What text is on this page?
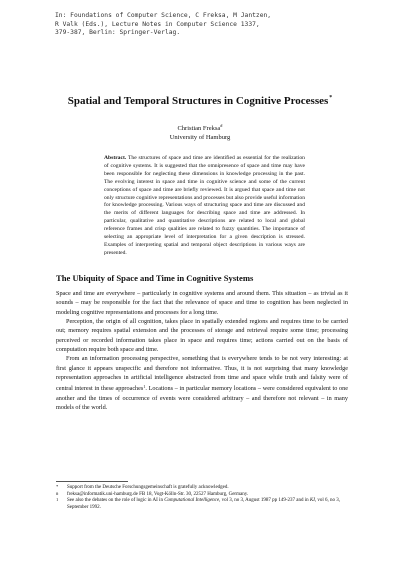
In: Foundations of Computer Science, C Freksa, M Jantzen,
R Valk (Eds.), Lecture Notes in Computer Science 1337,
379-387, Berlin: Springer-Verlag.
Spatial and Temporal Structures in Cognitive Processes*
Christian Freksa#
University of Hamburg
Abstract. The structures of space and time are identified as essential for the realization of cognitive systems. It is suggested that the omnipresence of space and time may have been responsible for neglecting these dimensions in knowledge processing in the past. The evolving interest in space and time in cognitive science and some of the current conceptions of space and time are briefly reviewed. It is argued that space and time not only structure cognitive representations and processes but also provide useful information for knowledge processing. Various ways of structuring space and time are discussed and the merits of different languages for describing space and time are addressed. In particular, qualitative and quantitative descriptions are related to local and global reference frames and crisp qualities are related to fuzzy quantities. The importance of selecting an appropriate level of interpretation for a given description is stressed. Examples of interpreting spatial and temporal object descriptions in various ways are presented.
The Ubiquity of Space and Time in Cognitive Systems

Space and time are everywhere – particularly in cognitive systems and around them. This situation – as trivial as it sounds – may be responsible for the fact that the relevance of space and time to cognition has been neglected in modeling cognitive representations and processes for a long time.

Perception, the origin of all cognition, takes place in spatially extended regions and requires time to be carried out; memory requires spatial extension and the processes of storage and retrieval require some time; processing perceived or recorded information takes place in space and requires time; actions carried out on the basis of computation require both space and time.

From an information processing perspective, something that is everywhere tends to be not very interesting: at first glance it appears unspecific and therefore not informative. Thus, it is not surprising that many knowledge representation approaches in artificial intelligence abstracted from time and space while truth and falsity were of central interest in these approaches$^1$. Locations – in particular memory locations – were considered equivalent to one another and the times of occurrence of events were considered arbitrary – and therefore not relevant – in many models of the world.

* Support from the Deutsche Forschungsgemeinschaft is gratefully acknowledged.
# freksa@informatik.uni-hamburg.de FB 18, Vogt-Kölln-Str. 30, 22527 Hamburg, Germany.
1 See also the debates on the role of logic in AI in Computational Intelligence, vol 3, no 3, August 1987 pp 149-237 and in KI, vol 6, no 3, September 1992.
